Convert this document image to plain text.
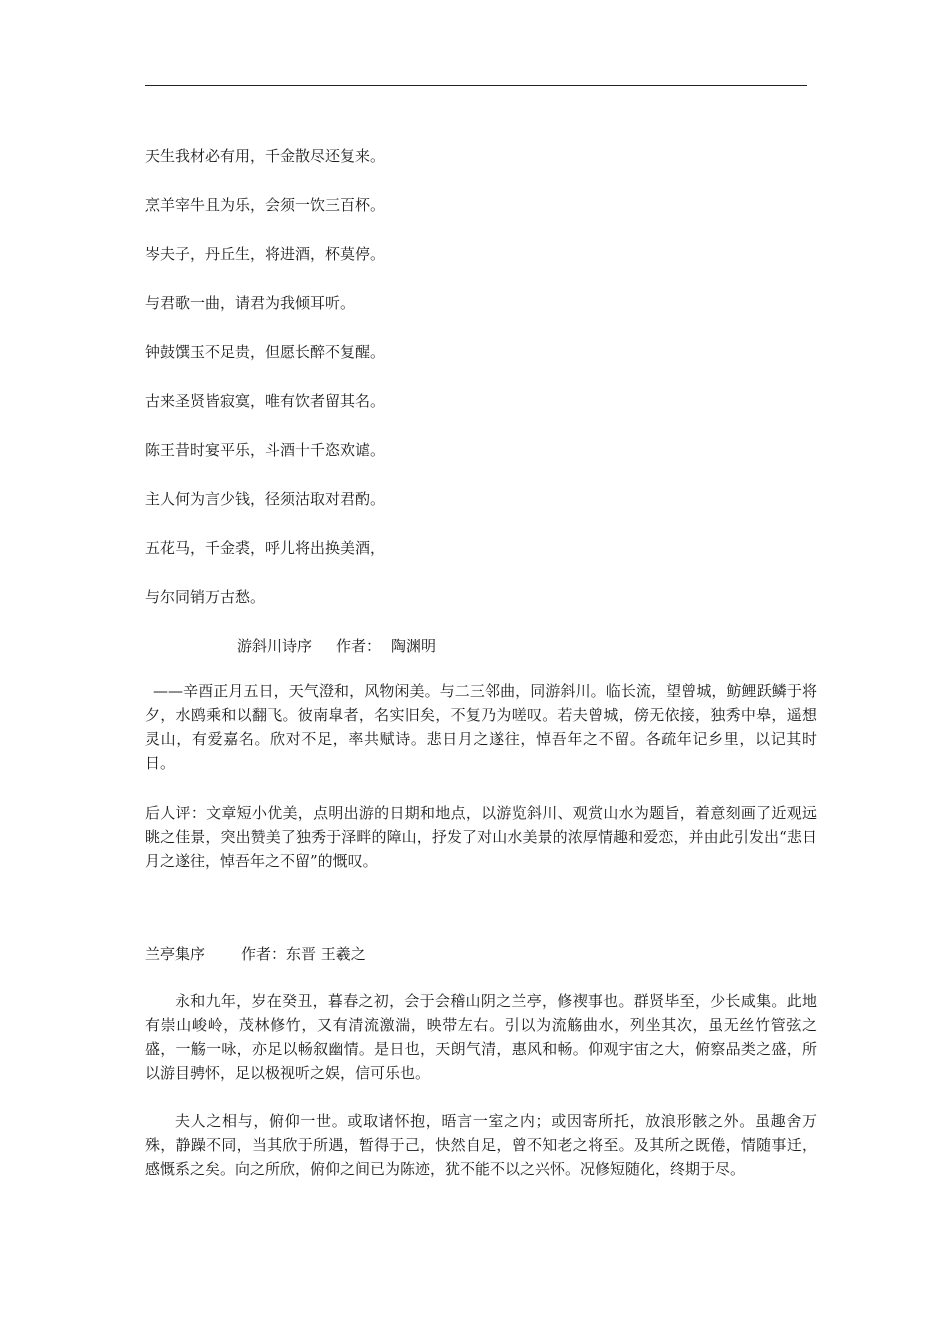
天生我材必有用，千金散尽还复来。

烹羊宰牛且为乐，会须一饮三百杯。

岑夫子，丹丘生，将进酒，杯莫停。

与君歌一曲，请君为我倾耳听。

钟鼓馔玉不足贵，但愿长醉不复醒。

古来圣贤皆寂寞，唯有饮者留其名。

陈王昔时宴平乐，斗酒十千恣欢谑。

主人何为言少钱，径须沽取对君酌。

五花马，千金裘，呼儿将出换美酒，

与尔同销万古愁。

游斜川诗序 作者： 陶渊明

——辛酉正月五日，天气澄和，风物闲美。与二三邻曲，同游斜川。临长流，望曾城，鲂鲤跃鳞于将夕，水鸥乘和以翻飞。彼南皐者，名实旧矣，不复乃为嗟叹。若夫曾城，傍无依接，独秀中皋，遥想灵山，有爱嘉名。欣对不足，率共赋诗。悲日月之遂往，悼吾年之不留。各疏年记乡里，以记其时日。

后人评：文章短小优美，点明出游的日期和地点，以游览斜川、观赏山水为题旨，着意刻画了近观远眺之佳景，突出赞美了独秀于泽畔的障山，抒发了对山水美景的浓厚情趣和爱恋，并由此引发出“悲日月之遂往，悼吾年之不留”的慨叹。

兰亭集序 作者：东晋 王羲之

永和九年，岁在癸丑，暮春之初，会于会稽山阴之兰亭，修禊事也。群贤毕至，少长咸集。此地有崇山峻岭，茂林修竹，又有清流激湍，映带左右。引以为流觞曲水，列坐其次，虽无丝竹管弦之盛，一觞一咏，亦足以畅叙幽情。是日也，天朗气清，惠风和畅。仰观宇宙之大，俯察品类之盛，所以游目骋怀，足以极视听之娱，信可乐也。

夫人之相与，俯仰一世。或取诸怀抱，晤言一室之内；或因寄所托，放浪形骸之外。虽趣舍万殊，静躁不同，当其欣于所遇，暂得于己，快然自足，曾不知老之将至。及其所之既倦，情随事迁，感慨系之矣。向之所欣，俯仰之间已为陈迹，犹不能不以之兴怀。况修短随化，终期于尽。
